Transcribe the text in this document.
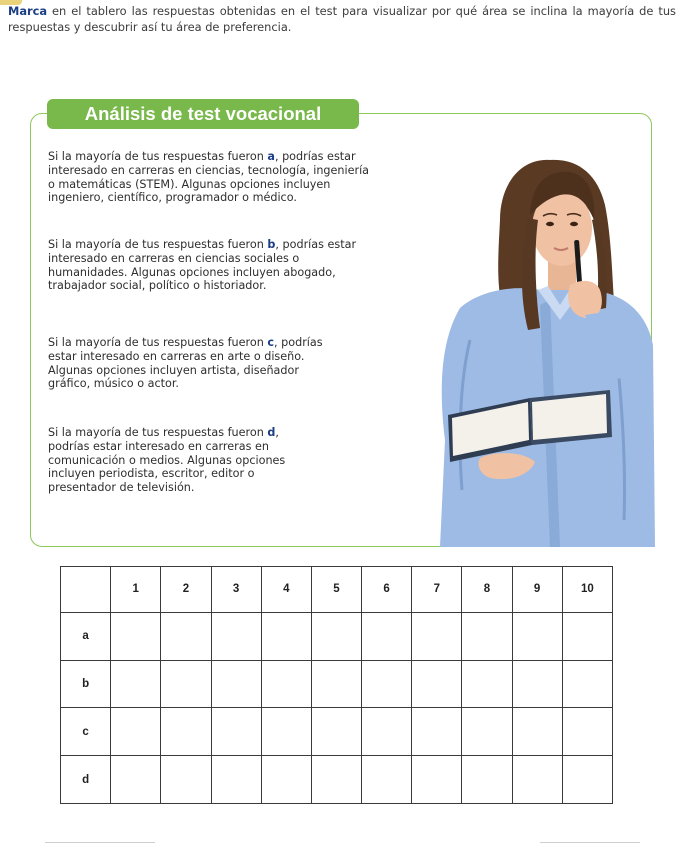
Marca en el tablero las respuestas obtenidas en el test para visualizar por qué área se inclina la mayoría de tus respuestas y descubrir así tu área de preferencia.
Análisis de test vocacional
Si la mayoría de tus respuestas fueron a, podrías estar
interesado en carreras en ciencias, tecnología, ingeniería
o matemáticas (STEM). Algunas opciones incluyen
ingeniero, científico, programador o médico.
Si la mayoría de tus respuestas fueron b, podrías estar
interesado en carreras en ciencias sociales o
humanidades. Algunas opciones incluyen abogado,
trabajador social, político o historiador.
Si la mayoría de tus respuestas fueron c, podrías
estar interesado en carreras en arte o diseño.
Algunas opciones incluyen artista, diseñador
gráfico, músico o actor.
Si la mayoría de tus respuestas fueron d,
podrías estar interesado en carreras en
comunicación o medios. Algunas opciones
incluyen periodista, escritor, editor o
presentador de televisión.
	1	2	3	4	5	6	7	8	9	10
a										
b										
c										
d										
